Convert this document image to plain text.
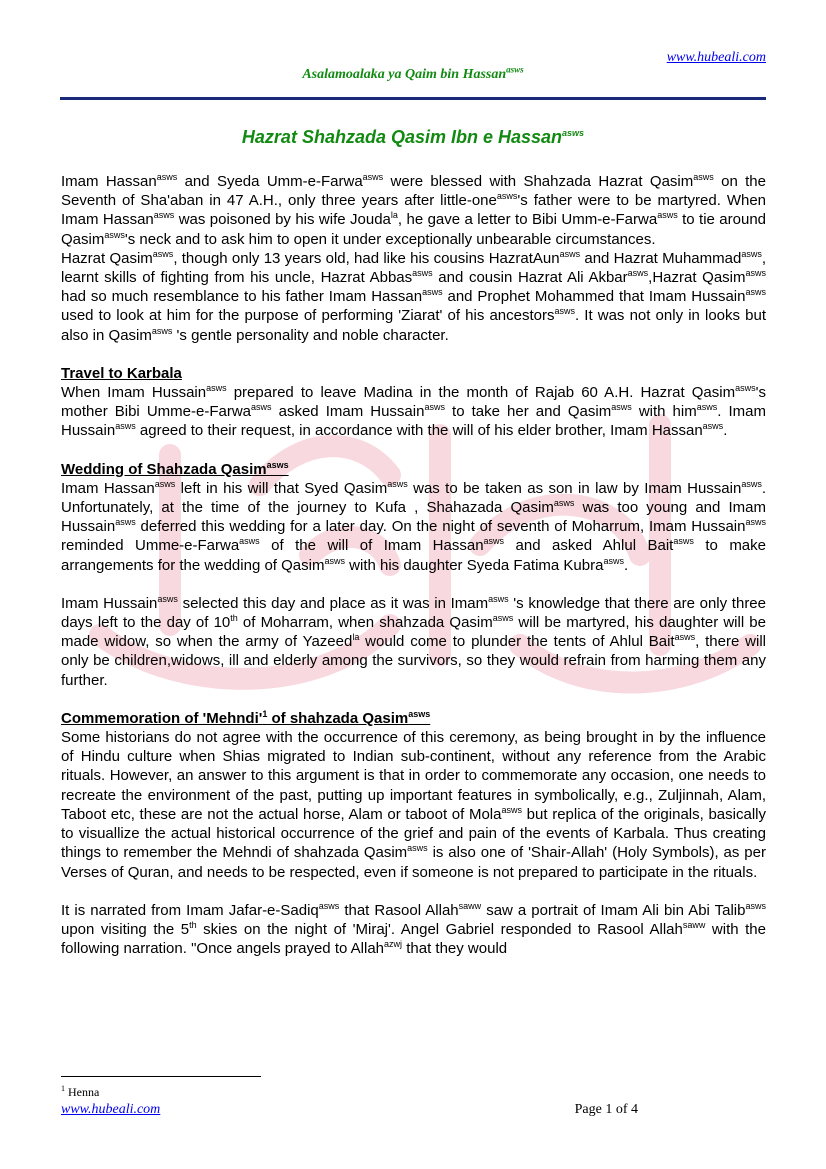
www.hubeali.com
Asalamoalaka ya Qaim bin Hassan$^{asws}$
Hazrat Shahzada Qasim Ibn e Hassan$^{asws}$

Imam Hassan$^{asws}$ and Syeda Umm-e-Farwa$^{asws}$ were blessed with Shahzada Hazrat Qasim$^{asws}$ on the Seventh of Sha'aban in 47 A.H., only three years after little-one$^{asws}$'s father were to be martyred. When Imam Hassan$^{asws}$ was poisoned by his wife Jouda$^{la}$, he gave a letter to Bibi Umm-e-Farwa$^{asws}$ to tie around Qasim$^{asws}$'s neck and to ask him to open it under exceptionally unbearable circumstances.

Hazrat Qasim$^{asws}$, though only 13 years old, had like his cousins HazratAun$^{asws}$ and Hazrat Muhammad$^{asws}$, learnt skills of fighting from his uncle, Hazrat Abbas$^{asws}$ and cousin Hazrat Ali Akbar$^{asws}$,Hazrat Qasim$^{asws}$ had so much resemblance to his father Imam Hassan$^{asws}$ and Prophet Mohammed that Imam Hussain$^{asws}$ used to look at him for the purpose of performing 'Ziarat' of his ancestors$^{asws}$. It was not only in looks but also in Qasim$^{asws}$ 's gentle personality and noble character.

Travel to Karbala

When Imam Hussain$^{asws}$ prepared to leave Madina in the month of Rajab 60 A.H. Hazrat Qasim$^{asws}$'s mother Bibi Umme-e-Farwa$^{asws}$ asked Imam Hussain$^{asws}$ to take her and Qasim$^{asws}$ with him$^{asws}$. Imam Hussain$^{asws}$ agreed to their request, in accordance with the will of his elder brother, Imam Hassan$^{asws}$.

Wedding of Shahzada Qasim$^{asws}$

Imam Hassan$^{asws}$ left in his will that Syed Qasim$^{asws}$ was to be taken as son in law by Imam Hussain$^{asws}$. Unfortunately, at the time of the journey to Kufa , Shahazada Qasim$^{asws}$ was too young and Imam Hussain$^{asws}$ deferred this wedding for a later day. On the night of seventh of Moharrum, Imam Hussain$^{asws}$ reminded Umme-e-Farwa$^{asws}$ of the will of Imam Hassan$^{asws}$ and asked Ahlul Bait$^{asws}$ to make arrangements for the wedding of Qasim$^{asws}$ with his daughter Syeda Fatima Kubra$^{asws}$.

Imam Hussain$^{asws}$ selected this day and place as it was in Imam$^{asws}$ 's knowledge that there are only three days left to the day of 10th of Moharram, when shahzada Qasim$^{asws}$ will be martyred, his daughter will be made widow, so when the army of Yazeed$^{la}$ would come to plunder the tents of Ahlul Bait$^{asws}$, there will only be children,widows, ill and elderly among the survivors, so they would refrain from harming them any further.

Commemoration of '$Mehndi'^1$ of shahzada Qasim$^{asws}$

Some historians do not agree with the occurrence of this ceremony, as being brought in by the influence of Hindu culture when Shias migrated to Indian sub-continent, without any reference from the Arabic rituals. However, an answer to this argument is that in order to commemorate any occasion, one needs to recreate the environment of the past, putting up important features in symbolically, e.g., Zuljinnah, Alam, Taboot etc, these are not the actual horse, Alam or taboot of Mola$^{asws}$ but replica of the originals, basically to visuallize the actual historical occurrence of the grief and pain of the events of Karbala. Thus creating things to remember the Mehndi of shahzada Qasim$^{asws}$ is also one of 'Shair-Allah' (Holy Symbols), as per Verses of Quran, and needs to be respected, even if someone is not prepared to participate in the rituals.

It is narrated from Imam Jafar-e-Sadiq$^{asws}$ that Rasool Allah$^{saww}$ saw a portrait of Imam Ali bin Abi Talib$^{asws}$ upon visiting the 5th skies on the night of 'Miraj'. Angel Gabriel responded to Rasool Allah$^{saww}$ with the following narration. "Once angels prayed to Allah$^{azwj}$ that they would

$^1$ Henna
www.hubeali.com	Page 1 of 4
